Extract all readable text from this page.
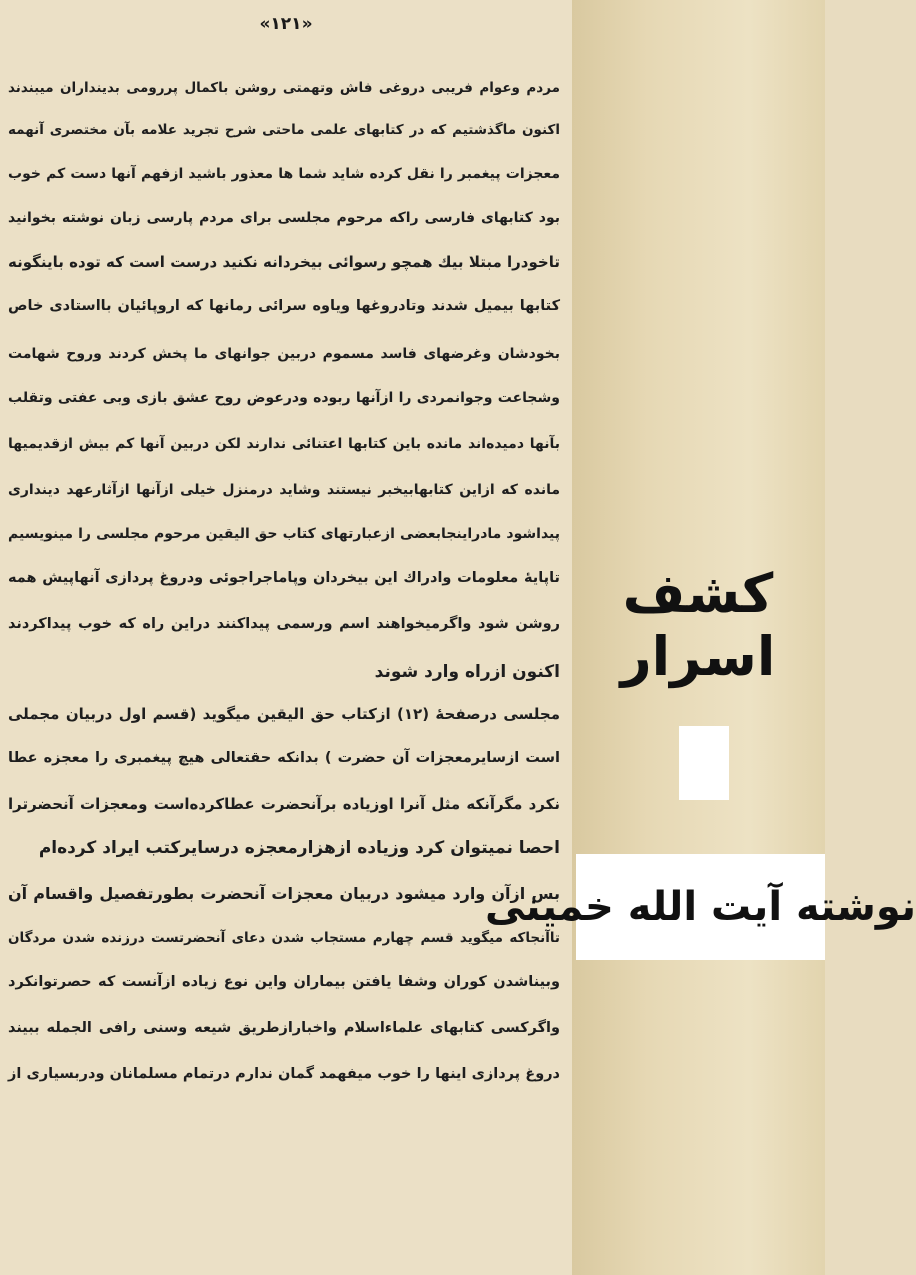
«۱۲۱»
مردم وعوام فریبی دروغی فاش وتهمتی روشن باکمال پررومی بدینداران میبندند
اکنون ماگذشتیم که در کتابهای علمی ماحتی شرح تجرید علامه بآن مختصری آنهمه
معجزات پیغمبر را نقل کرده شاید شما ها معذور باشید ازفهم آنها دست کم خوب
بود کتابهای فارسی راکه مرحوم مجلسی برای مردم پارسی زبان نوشته بخوانید
تاخودرا مبتلا بیك همچو رسوائی بیخردانه نکنید درست است که توده باینگونه
کتابها بیمیل شدند وتادروغها ویاوه سرائی رمانها که اروپائیان بااستادی خاص
بخودشان وغرضهای فاسد مسموم دربین جوانهای ما پخش کردند وروح شهامت
وشجاعت وجوانمردی را ازآنها ربوده ودرعوض روح عشق بازی وبی عفتی وتقلب
بآنها دمیده‌اند مانده باین کتابها اعتنائی ندارند لکن دربین آنها کم بیش ازقدیمیها
مانده که ازاین کتابهابیخبر نیستند وشاید درمنزل خیلی ازآنها ازآثارعهد دینداری
پیداشود مادراینجابعضی ازعبارتهای کتاب حق الیقین مرحوم مجلسی را مینویسیم
تاپایهٔ معلومات وادراك این بیخردان وپاماجراجوئی ودروغ پردازی آنهاپیش همه
روشن شود واگرمیخواهند اسم ورسمی پیداکنند دراین راه که خوب پیداکردند
اکنون ازراه وارد شوند
مجلسی درصفحهٔ (۱۲) ازکتاب حق الیقین میگوید (قسم اول دربیان مجملی
است ازسایرمعجزات آن حضرت ) بدانکه حقتعالی هیچ پیغمبری را معجزه عطا
نکرد مگرآنکه مثل آنرا اوزیاده برآنحضرت عطاکرده‌است ومعجزات آنحضرترا
احصا نمیتوان کرد وزیاده ازهزارمعجزه درسایرکتب ایراد کرده‌ام
بس ازآن وارد میشود دربیان معجزات آنحضرت بطورتفصیل واقسام آن
تاآنجاکه میگوید قسم چهارم مستجاب شدن دعای آنحضرتست درزنده شدن مردگان
وبیناشدن کوران وشفا یافتن بیماران واین نوع زیاده ازآنست که حصرتوانکرد
واگرکسی کتابهای علماءاسلام واخبارازطریق شیعه وسنی رافی الجمله ببیند
دروغ پردازی اینها را خوب میفهمد گمان ندارم درتمام مسلمانان ودربسیاری از
کشف اسرار
نوشته آیت الله خمینی
